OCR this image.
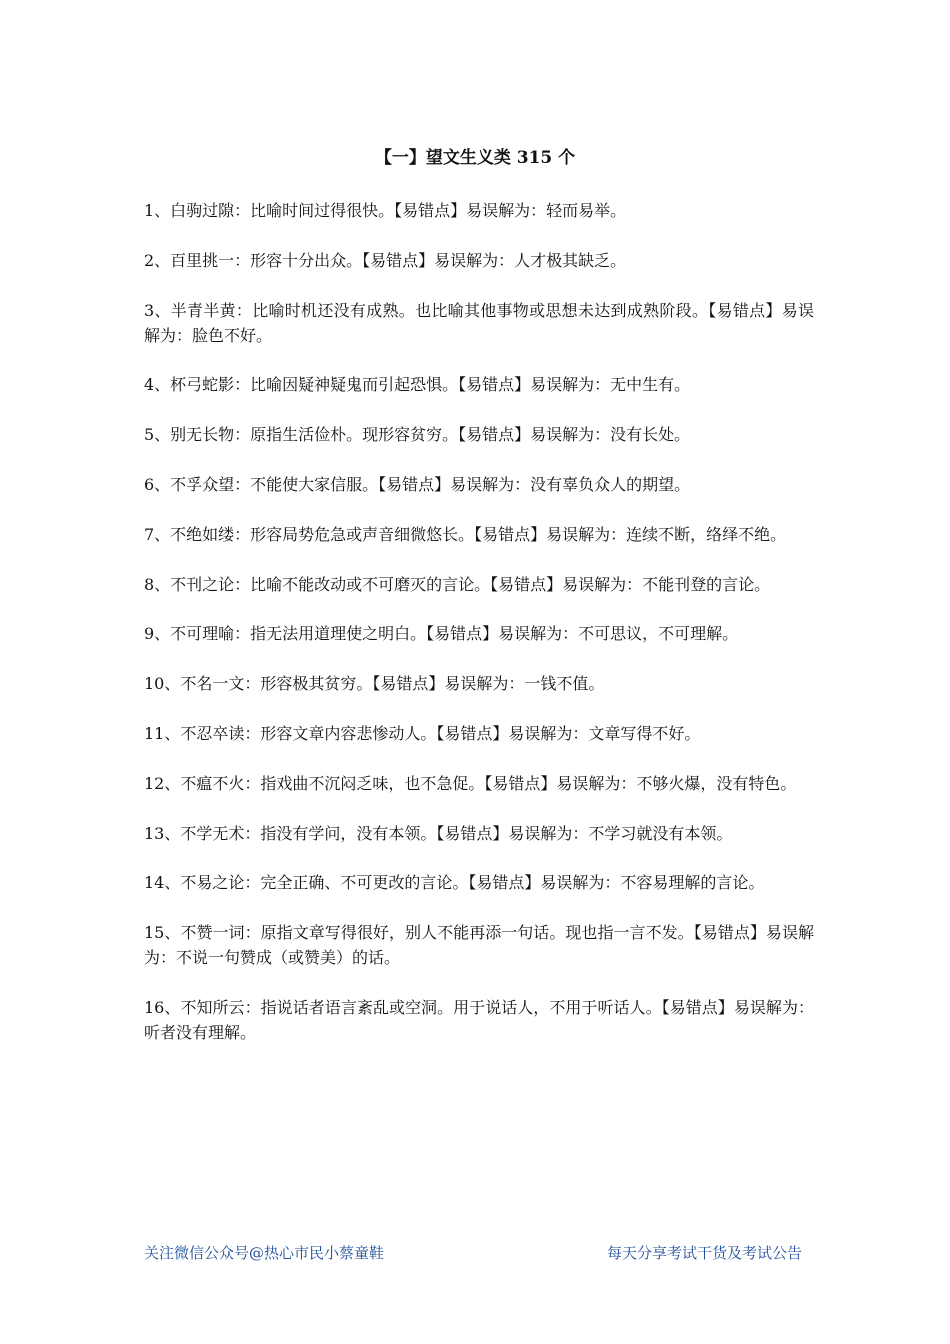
【一】望文生义类 315 个

1、白驹过隙：比喻时间过得很快。【易错点】易误解为：轻而易举。

2、百里挑一：形容十分出众。【易错点】易误解为：人才极其缺乏。

3、半青半黄：比喻时机还没有成熟。也比喻其他事物或思想未达到成熟阶段。【易错点】易误解为：脸色不好。

4、杯弓蛇影：比喻因疑神疑鬼而引起恐惧。【易错点】易误解为：无中生有。

5、别无长物：原指生活俭朴。现形容贫穷。【易错点】易误解为：没有长处。

6、不孚众望：不能使大家信服。【易错点】易误解为：没有辜负众人的期望。

7、不绝如缕：形容局势危急或声音细微悠长。【易错点】易误解为：连续不断，络绎不绝。

8、不刊之论：比喻不能改动或不可磨灭的言论。【易错点】易误解为：不能刊登的言论。

9、不可理喻：指无法用道理使之明白。【易错点】易误解为：不可思议，不可理解。

10、不名一文：形容极其贫穷。【易错点】易误解为：一钱不值。

11、不忍卒读：形容文章内容悲惨动人。【易错点】易误解为：文章写得不好。

12、不瘟不火：指戏曲不沉闷乏味，也不急促。【易错点】易误解为：不够火爆，没有特色。

13、不学无术：指没有学问，没有本领。【易错点】易误解为：不学习就没有本领。

14、不易之论：完全正确、不可更改的言论。【易错点】易误解为：不容易理解的言论。

15、不赞一词：原指文章写得很好，别人不能再添一句话。现也指一言不发。【易错点】易误解为：不说一句赞成（或赞美）的话。

16、不知所云：指说话者语言紊乱或空洞。用于说话人，不用于听话人。【易错点】易误解为：听者没有理解。

关注微信公众号@热心市民小蔡童鞋	每天分享考试干货及考试公告
